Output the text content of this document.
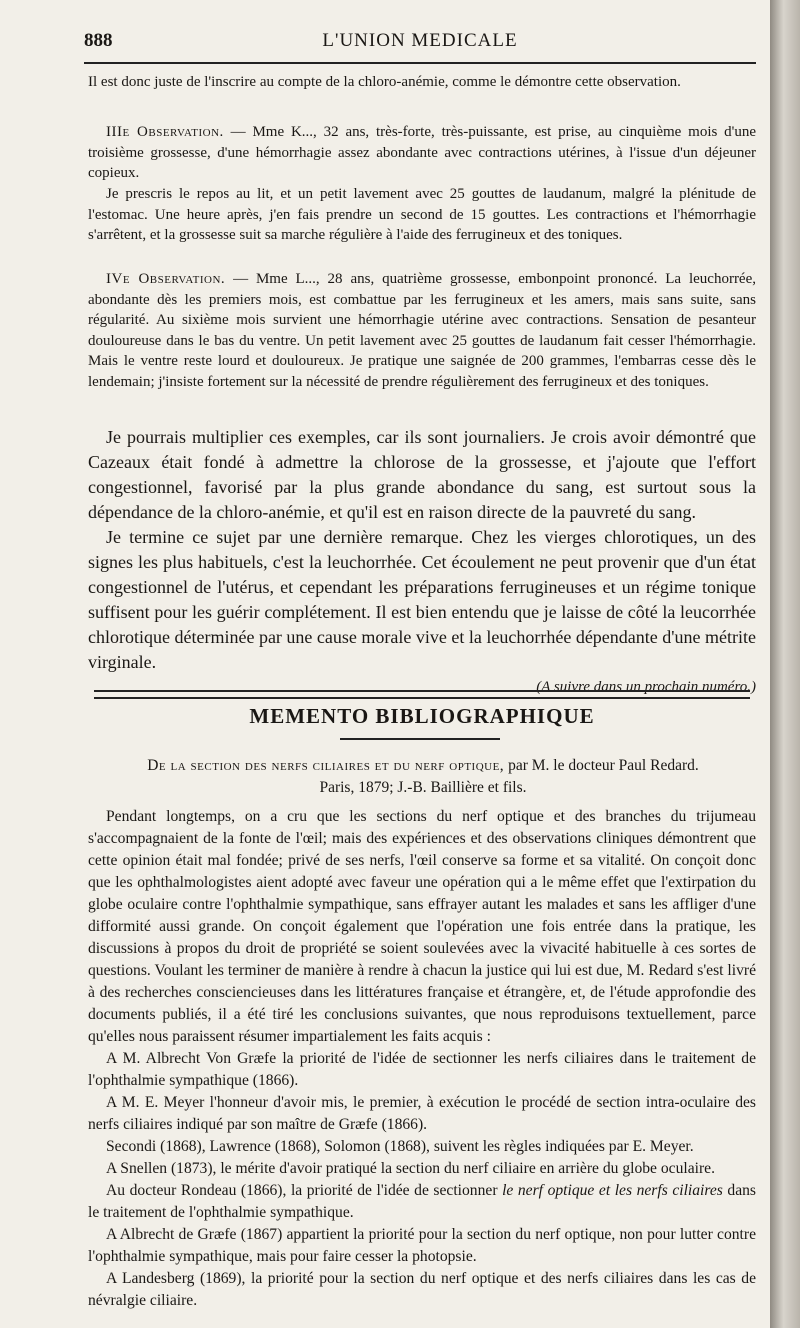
888	L'UNION MEDICALE

Il est donc juste de l'inscrire au compte de la chloro-anémie, comme le démontre cette observation.

IIIe Observation. — Mme K..., 32 ans, très-forte, très-puissante, est prise, au cinquième mois d'une troisième grossesse, d'une hémorrhagie assez abondante avec contractions utérines, à l'issue d'un déjeuner copieux.

Je prescris le repos au lit, et un petit lavement avec 25 gouttes de laudanum, malgré la plénitude de l'estomac. Une heure après, j'en fais prendre un second de 15 gouttes. Les contractions et l'hémorrhagie s'arrêtent, et la grossesse suit sa marche régulière à l'aide des ferrugineux et des toniques.

IVe Observation. — Mme L..., 28 ans, quatrième grossesse, embonpoint prononcé. La leuchorrée, abondante dès les premiers mois, est combattue par les ferrugineux et les amers, mais sans suite, sans régularité. Au sixième mois survient une hémorrhagie utérine avec contractions. Sensation de pesanteur douloureuse dans le bas du ventre. Un petit lavement avec 25 gouttes de laudanum fait cesser l'hémorrhagie. Mais le ventre reste lourd et douloureux. Je pratique une saignée de 200 grammes, l'embarras cesse dès le lendemain; j'insiste fortement sur la nécessité de prendre régulièrement des ferrugineux et des toniques.

Je pourrais multiplier ces exemples, car ils sont journaliers. Je crois avoir démontré que Cazeaux était fondé à admettre la chlorose de la grossesse, et j'ajoute que l'effort congestionnel, favorisé par la plus grande abondance du sang, est surtout sous la dépendance de la chloro-anémie, et qu'il est en raison directe de la pauvreté du sang.

Je termine ce sujet par une dernière remarque. Chez les vierges chlorotiques, un des signes les plus habituels, c'est la leuchorrhée. Cet écoulement ne peut provenir que d'un état congestionnel de l'utérus, et cependant les préparations ferrugineuses et un régime tonique suffisent pour les guérir complétement. Il est bien entendu que je laisse de côté la leucorrhée chlorotique déterminée par une cause morale vive et la leuchorrhée dépendante d'une métrite virginale.

(A suivre dans un prochain numéro.)

MEMENTO BIBLIOGRAPHIQUE
De la section des nerfs ciliaires et du nerf optique, par M. le docteur Paul Redard.
Paris, 1879; J.-B. Baillière et fils.

Pendant longtemps, on a cru que les sections du nerf optique et des branches du trijumeau s'accompagnaient de la fonte de l'œil; mais des expériences et des observations cliniques démontrent que cette opinion était mal fondée; privé de ses nerfs, l'œil conserve sa forme et sa vitalité. On conçoit donc que les ophthalmologistes aient adopté avec faveur une opération qui a le même effet que l'extirpation du globe oculaire contre l'ophthalmie sympathique, sans effrayer autant les malades et sans les affliger d'une difformité aussi grande. On conçoit également que l'opération une fois entrée dans la pratique, les discussions à propos du droit de propriété se soient soulevées avec la vivacité habituelle à ces sortes de questions. Voulant les terminer de manière à rendre à chacun la justice qui lui est due, M. Redard s'est livré à des recherches consciencieuses dans les littératures française et étrangère, et, de l'étude approfondie des documents publiés, il a été tiré les conclusions suivantes, que nous reproduisons textuellement, parce qu'elles nous paraissent résumer impartialement les faits acquis :

A M. Albrecht Von Græfe la priorité de l'idée de sectionner les nerfs ciliaires dans le traitement de l'ophthalmie sympathique (1866).

A M. E. Meyer l'honneur d'avoir mis, le premier, à exécution le procédé de section intra-oculaire des nerfs ciliaires indiqué par son maître de Græfe (1866).

Secondi (1868), Lawrence (1868), Solomon (1868), suivent les règles indiquées par E. Meyer.

A Snellen (1873), le mérite d'avoir pratiqué la section du nerf ciliaire en arrière du globe oculaire.

Au docteur Rondeau (1866), la priorité de l'idée de sectionner le nerf optique et les nerfs ciliaires dans le traitement de l'ophthalmie sympathique.

A Albrecht de Græfe (1867) appartient la priorité pour la section du nerf optique, non pour lutter contre l'ophthalmie sympathique, mais pour faire cesser la photopsie.

A Landesberg (1869), la priorité pour la section du nerf optique et des nerfs ciliaires dans les cas de névralgie ciliaire.
